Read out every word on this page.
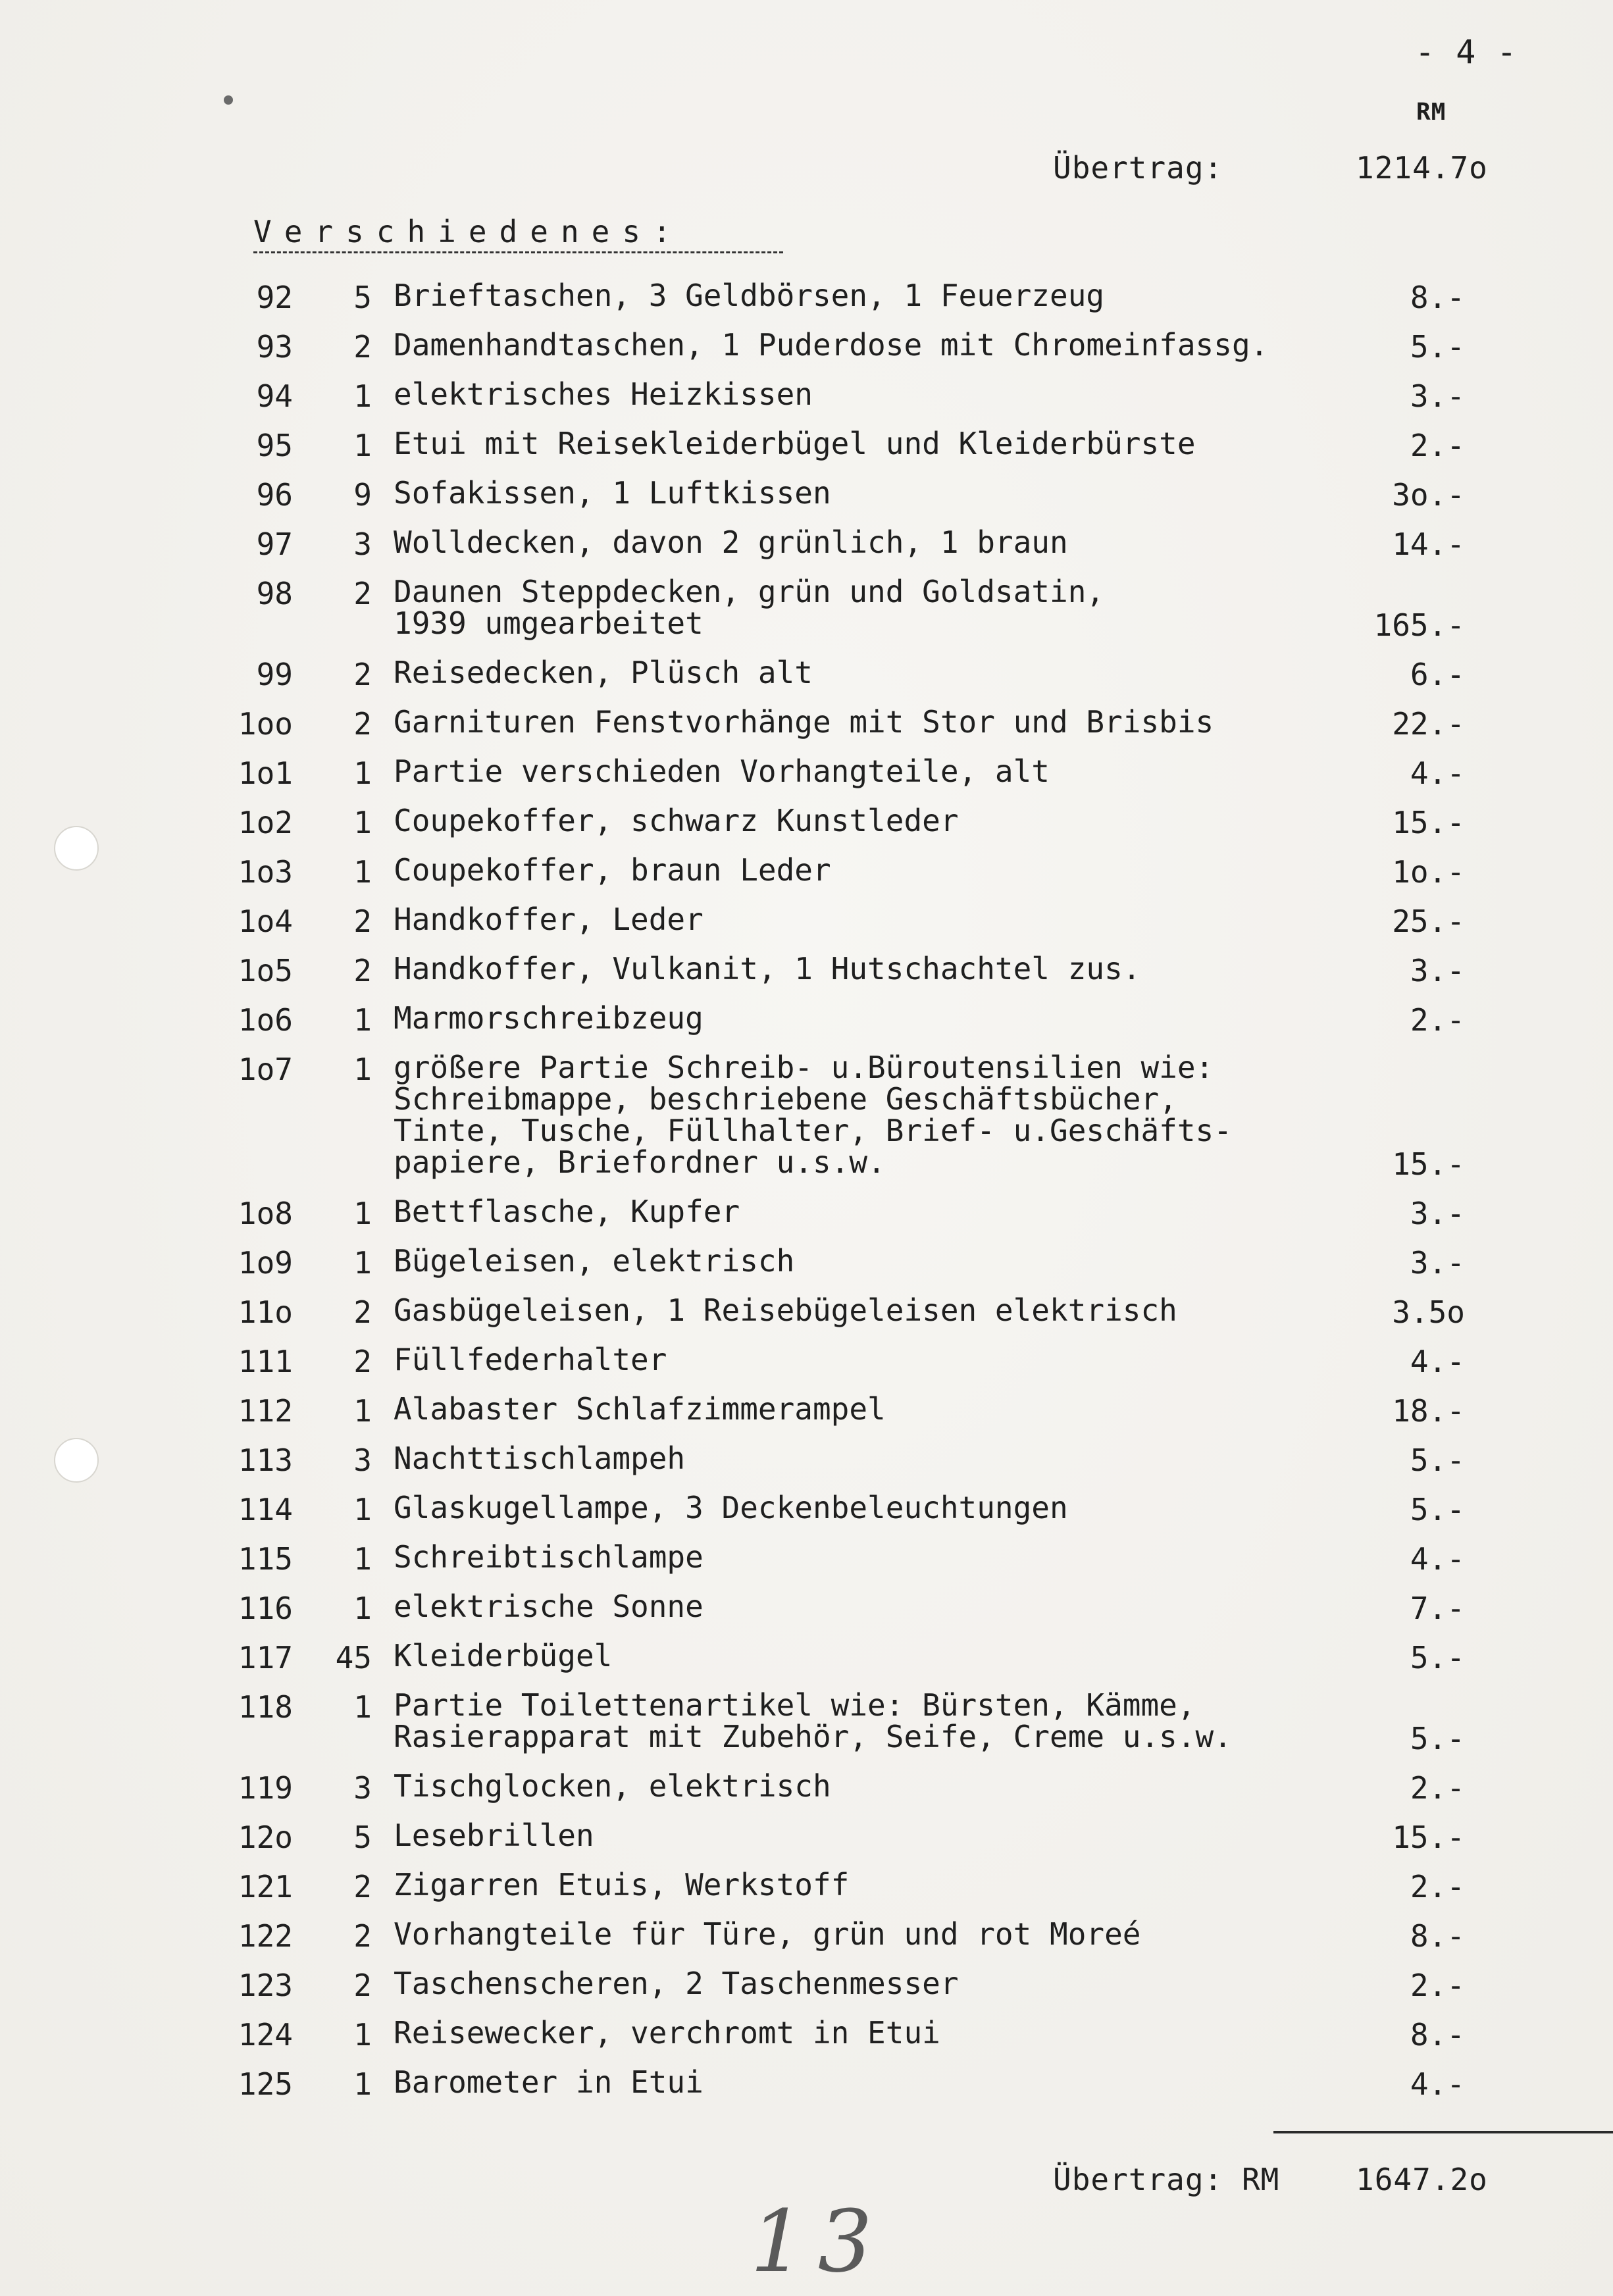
- 4 -
RM
Übertrag:	1214.7o
Verschiedenes:
92	5 Brieftaschen, 3 Geldbörsen, 1 Feuerzeug	8.-
93	2 Damenhandtaschen, 1 Puderdose mit Chromeinfassg.	5.-
94	1 elektrisches Heizkissen	3.-
95	1 Etui mit Reisekleiderbügel und Kleiderbürste	2.-
96	9 Sofakissen, 1 Luftkissen	3o.-
97	3 Wolldecken, davon 2 grünlich, 1 braun	14.-
98	2 Daunen Steppdecken, grün und Goldsatin,
1939 umgearbeitet	165.-
99	2 Reisedecken, Plüsch alt	6.-
1oo	2 Garnituren Fenstvorhänge mit Stor und Brisbis	22.-
1o1	1 Partie verschieden Vorhangteile, alt	4.-
1o2	1 Coupekoffer, schwarz Kunstleder	15.-
1o3	1 Coupekoffer, braun Leder	1o.-
1o4	2 Handkoffer, Leder	25.-
1o5	2 Handkoffer, Vulkanit, 1 Hutschachtel zus.	3.-
1o6	1 Marmorschreibzeug	2.-
1o7	1 größere Partie Schreib- u.Büroutensilien wie:
Schreibmappe, beschriebene Geschäftsbücher,
Tinte, Tusche, Füllhalter, Brief- u.Geschäfts-
papiere, Briefordner u.s.w.	15.-
1o8	1 Bettflasche, Kupfer	3.-
1o9	1 Bügeleisen, elektrisch	3.-
11o	2 Gasbügeleisen, 1 Reisebügeleisen elektrisch	3.5o
111	2 Füllfederhalter	4.-
112	1 Alabaster Schlafzimmerampel	18.-
113	3 Nachttischlampeh	5.-
114	1 Glaskugellampe, 3 Deckenbeleuchtungen	5.-
115	1 Schreibtischlampe	4.-
116	1 elektrische Sonne	7.-
117	45 Kleiderbügel	5.-
118	1 Partie Toilettenartikel wie: Bürsten, Kämme,
Rasierapparat mit Zubehör, Seife, Creme u.s.w.	5.-
119	3 Tischglocken, elektrisch	2.-
12o	5 Lesebrillen	15.-
121	2 Zigarren Etuis, Werkstoff	2.-
122	2 Vorhangteile für Türe, grün und rot Moreé	8.-
123	2 Taschenscheren, 2 Taschenmesser	2.-
124	1 Reisewecker, verchromt in Etui	8.-
125	1 Barometer in Etui	4.-
Übertrag: RM	1647.2o
13
